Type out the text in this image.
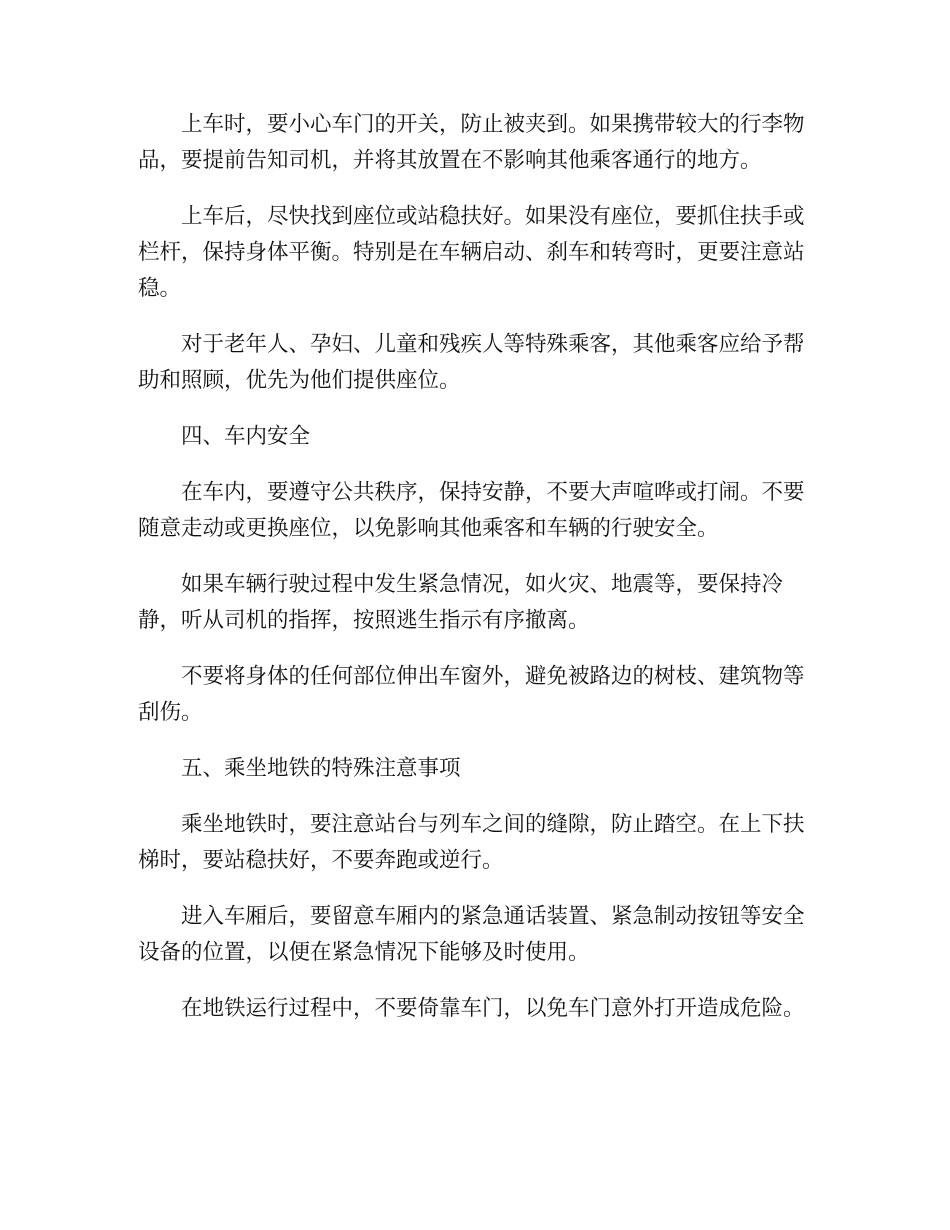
上车时，要小心车门的开关，防止被夹到。如果携带较大的行李物品，要提前告知司机，并将其放置在不影响其他乘客通行的地方。

上车后，尽快找到座位或站稳扶好。如果没有座位，要抓住扶手或栏杆，保持身体平衡。特别是在车辆启动、刹车和转弯时，更要注意站稳。

对于老年人、孕妇、儿童和残疾人等特殊乘客，其他乘客应给予帮助和照顾，优先为他们提供座位。

四、车内安全

在车内，要遵守公共秩序，保持安静，不要大声喧哗或打闹。不要随意走动或更换座位，以免影响其他乘客和车辆的行驶安全。

如果车辆行驶过程中发生紧急情况，如火灾、地震等，要保持冷静，听从司机的指挥，按照逃生指示有序撤离。

不要将身体的任何部位伸出车窗外，避免被路边的树枝、建筑物等刮伤。

五、乘坐地铁的特殊注意事项

乘坐地铁时，要注意站台与列车之间的缝隙，防止踏空。在上下扶梯时，要站稳扶好，不要奔跑或逆行。

进入车厢后，要留意车厢内的紧急通话装置、紧急制动按钮等安全设备的位置，以便在紧急情况下能够及时使用。

在地铁运行过程中，不要倚靠车门，以免车门意外打开造成危险。
